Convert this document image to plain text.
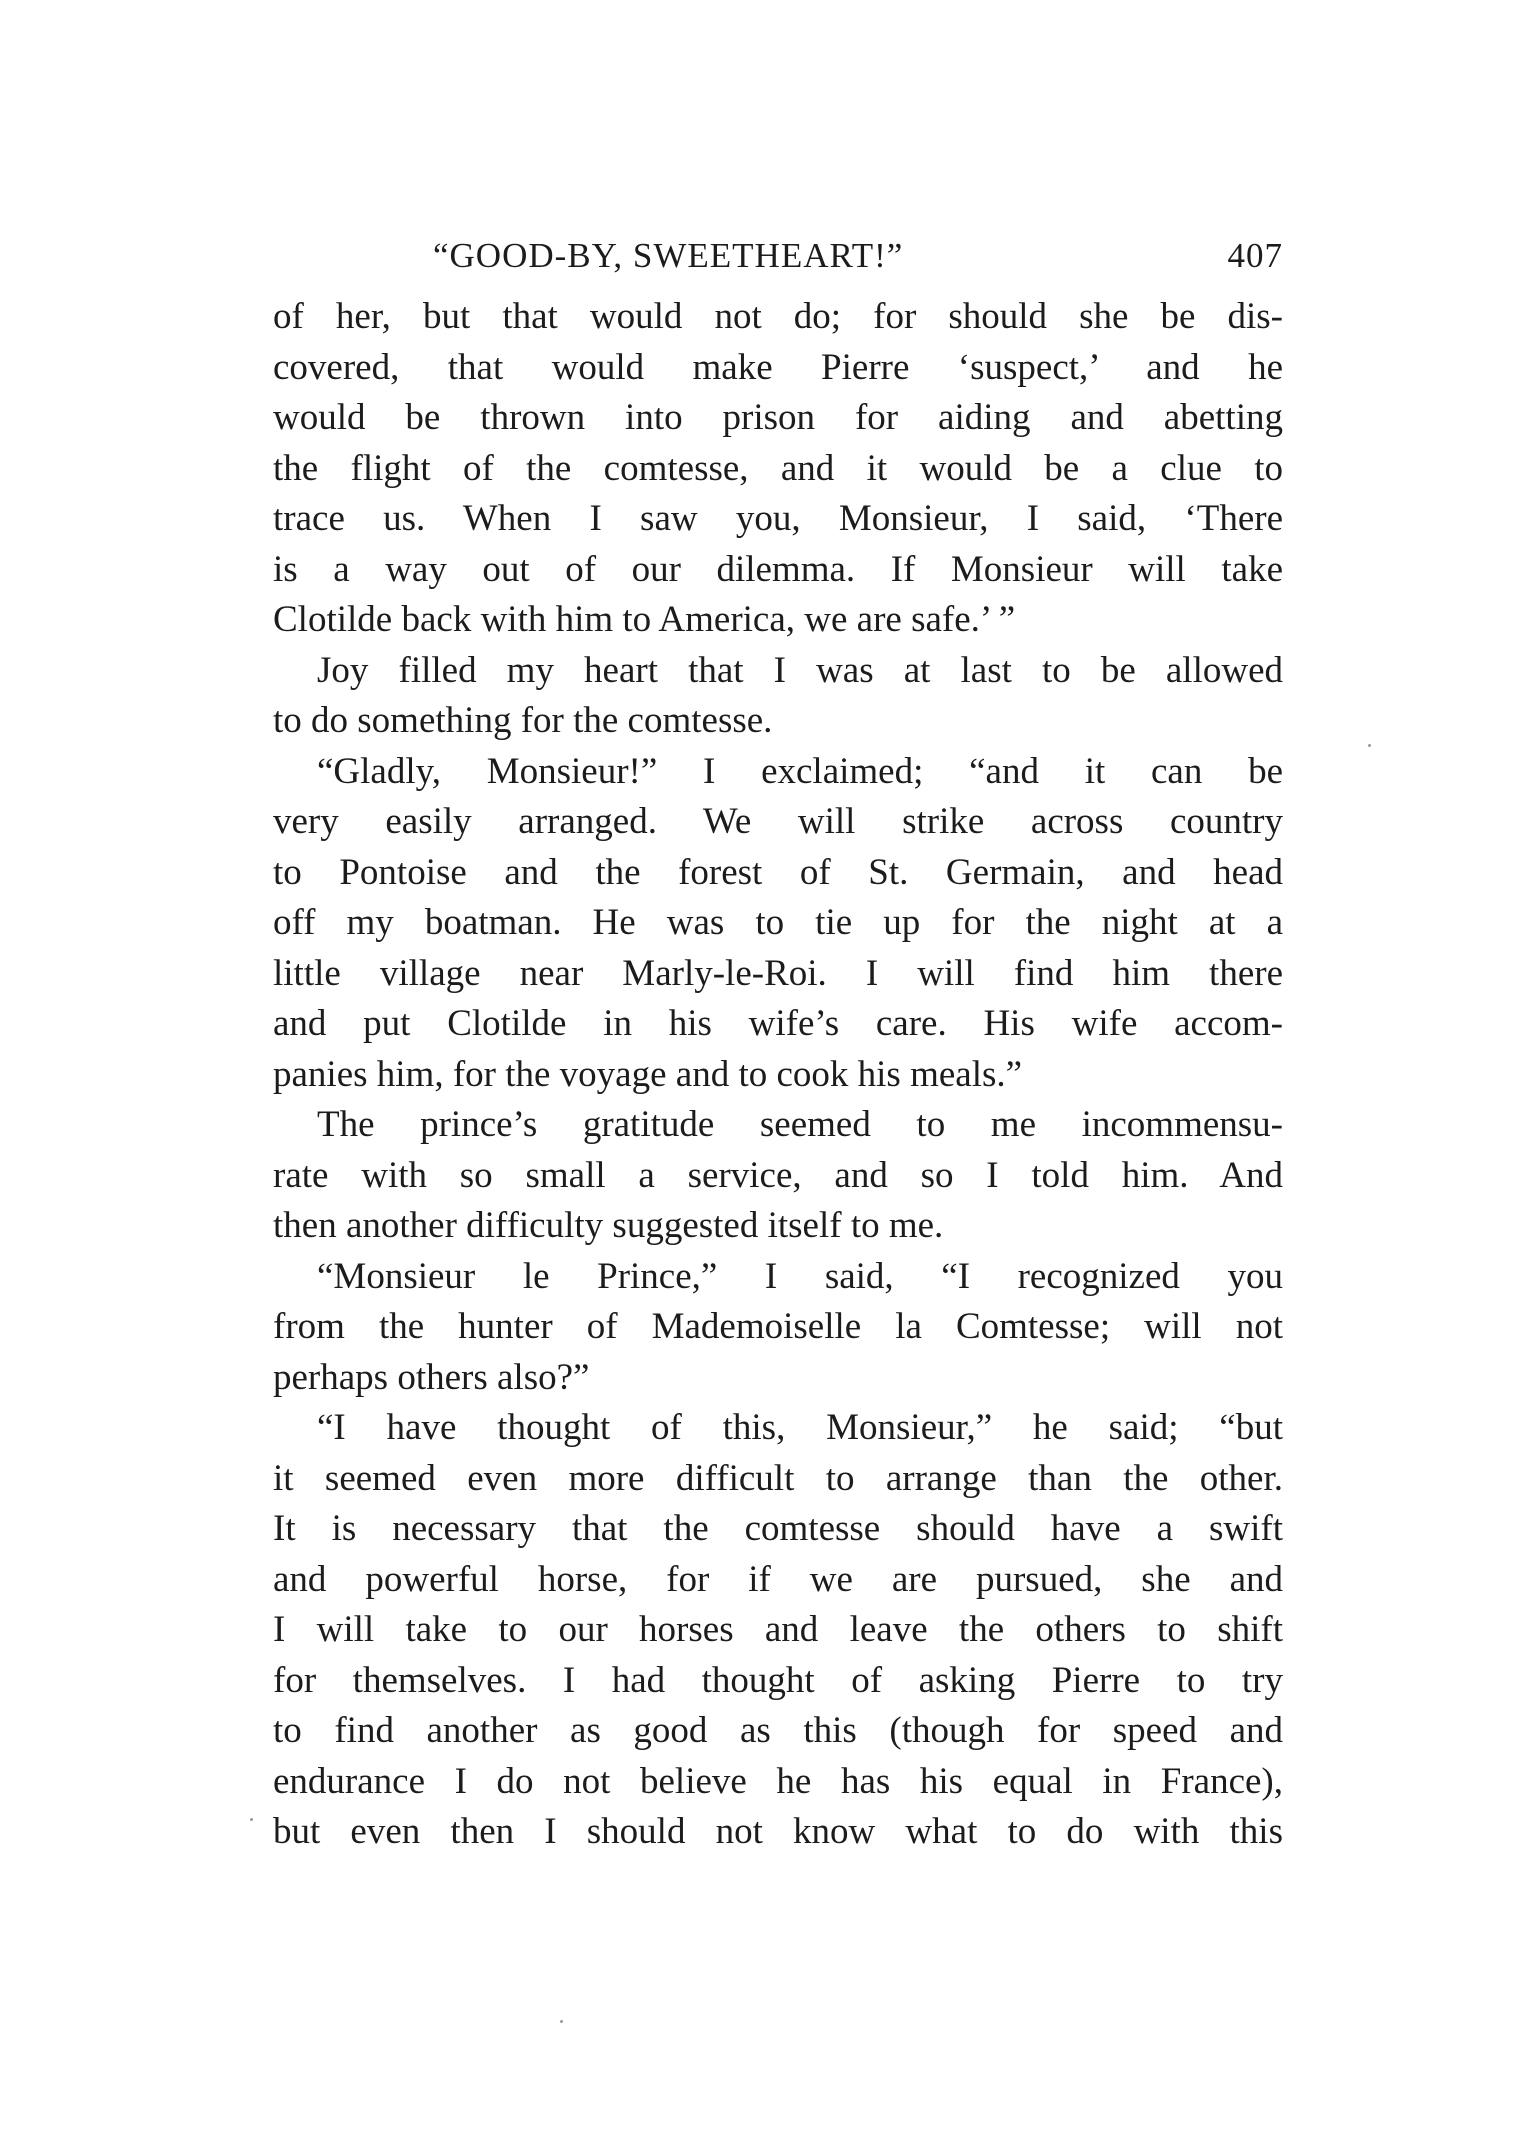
“GOOD-BY, SWEETHEART!”	407
of her, but that would not do; for should she be dis-
covered, that would make Pierre ‘suspect,’ and he
would be thrown into prison for aiding and abetting
the flight of the comtesse, and it would be a clue to
trace us. When I saw you, Monsieur, I said, ‘There
is a way out of our dilemma. If Monsieur will take
Clotilde back with him to America, we are safe.’ ”
Joy filled my heart that I was at last to be allowed
to do something for the comtesse.
“Gladly, Monsieur!” I exclaimed; “and it can be
very easily arranged. We will strike across country
to Pontoise and the forest of St. Germain, and head
off my boatman. He was to tie up for the night at a
little village near Marly-le-Roi. I will find him there
and put Clotilde in his wife’s care. His wife accom-
panies him, for the voyage and to cook his meals.”
The prince’s gratitude seemed to me incommensu-
rate with so small a service, and so I told him. And
then another difficulty suggested itself to me.
“Monsieur le Prince,” I said, “I recognized you
from the hunter of Mademoiselle la Comtesse; will not
perhaps others also?”
“I have thought of this, Monsieur,” he said; “but
it seemed even more difficult to arrange than the other.
It is necessary that the comtesse should have a swift
and powerful horse, for if we are pursued, she and
I will take to our horses and leave the others to shift
for themselves. I had thought of asking Pierre to try
to find another as good as this (though for speed and
endurance I do not believe he has his equal in France),
but even then I should not know what to do with this
